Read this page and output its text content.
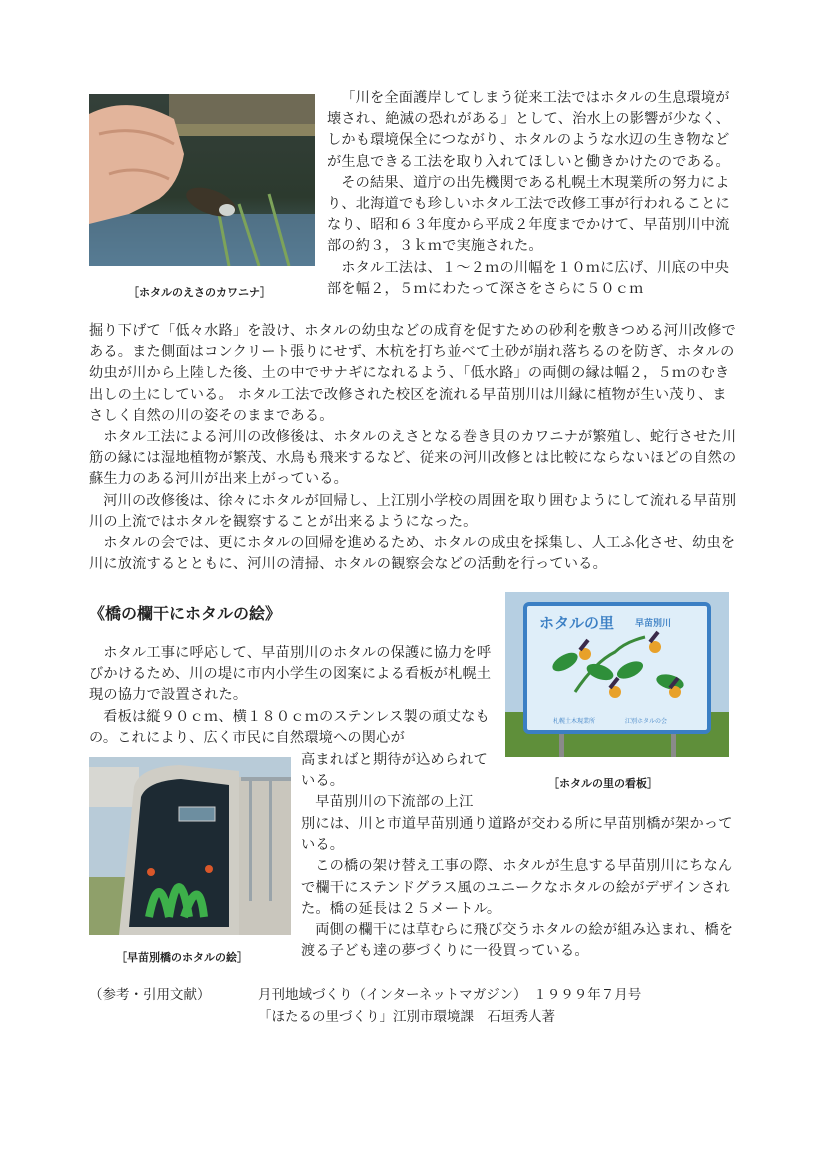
［ホタルのえさのカワニナ］

「川を全面護岸してしまう従来工法ではホタルの生息環境が壊され、絶滅の恐れがある」として、治水上の影響が少なく、しかも環境保全につながり、ホタルのような水辺の生き物などが生息できる工法を取り入れてほしいと働きかけたのである。

その結果、道庁の出先機関である札幌土木現業所の努力により、北海道でも珍しいホタル工法で改修工事が行われることになり、昭和６３年度から平成２年度までかけて、早苗別川中流部の約３，３ｋｍで実施された。

ホタル工法は、１～２ｍの川幅を１０ｍに広げ、川底の中央部を幅２，５ｍにわたって深さをさらに５０ｃｍ

掘り下げて「低々水路」を設け、ホタルの幼虫などの成育を促すための砂利を敷きつめる河川改修である。また側面はコンクリート張りにせず、木杭を打ち並べて土砂が崩れ落ちるのを防ぎ、ホタルの幼虫が川から上陸した後、土の中でサナギになれるよう、「低水路」の両側の縁は幅２，５ｍのむき出しの土にしている。 ホタル工法で改修された校区を流れる早苗別川は川縁に植物が生い茂り、まさしく自然の川の姿そのままである。

ホタル工法による河川の改修後は、ホタルのえさとなる巻き貝のカワニナが繁殖し、蛇行させた川筋の縁には湿地植物が繁茂、水鳥も飛来するなど、従来の河川改修とは比較にならないほどの自然の蘇生力のある河川が出来上がっている。

河川の改修後は、徐々にホタルが回帰し、上江別小学校の周囲を取り囲むようにして流れる早苗別川の上流ではホタルを観察することが出来るようになった。

ホタルの会では、更にホタルの回帰を進めるため、ホタルの成虫を採集し、人工ふ化させ、幼虫を川に放流するとともに、河川の清掃、ホタルの観察会などの活動を行っている。

《橋の欄干にホタルの絵》	ホタルの里 早苗別川
札幌土木現業所	江別ホタルの会
［ホタルの里の看板］

ホタル工事に呼応して、早苗別川のホタルの保護に協力を呼びかけるため、川の堤に市内小学生の図案による看板が札幌土現の協力で設置された。

看板は縦９０ｃｍ、横１８０ｃｍのステンレス製の頑丈なもの。これにより、広く市民に自然環境への関心が

［早苗別橋のホタルの絵］

高まればと期待が込められている。

早苗別川の下流部の上江

別には、川と市道早苗別通り道路が交わる所に早苗別橋が架かっている。

この橋の架け替え工事の際、ホタルが生息する早苗別川にちなんで欄干にステンドグラス風のユニークなホタルの絵がデザインされた。橋の延長は２５メートル。

両側の欄干には草むらに飛び交うホタルの絵が組み込まれ、橋を渡る子ども達の夢づくりに一役買っている。

（参考・引用文献）	月刊地域づくり（インターネットマガジン）　１９９９年７月号
「ほたるの里づくり」江別市環境課　石垣秀人著
